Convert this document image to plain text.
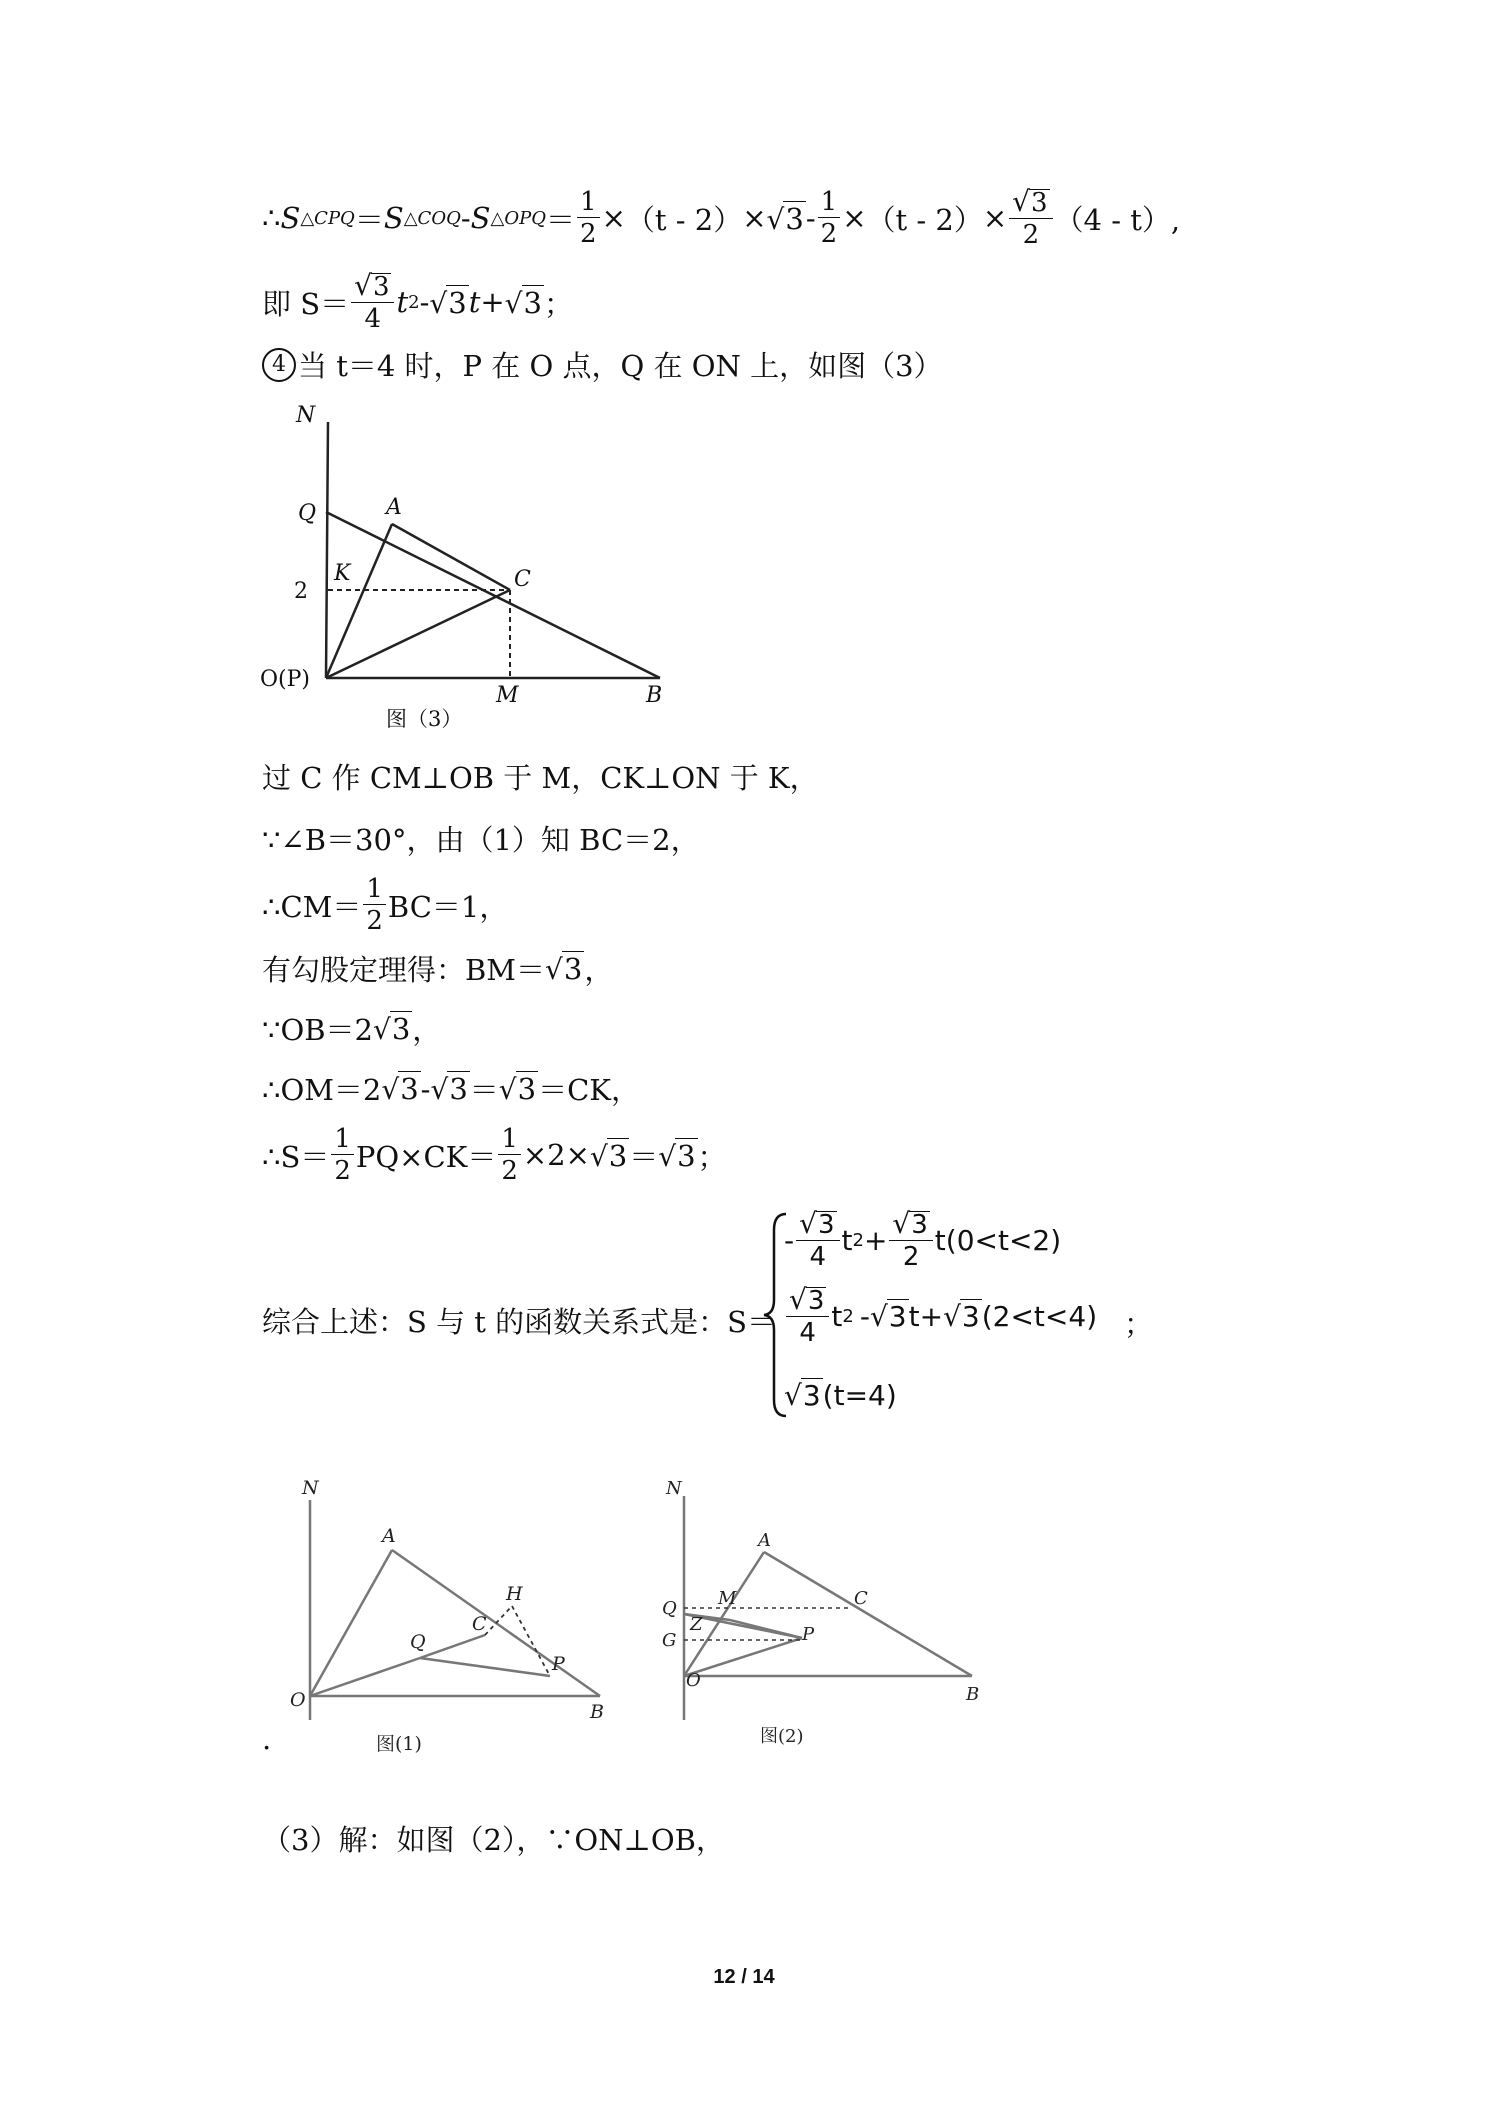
∴ S △CPQ ＝ S △COQ - S △OPQ ＝ $\frac{1}{2} \times (t - 2)$ × √ $3 - \frac{1}{2} \times (t - 2) \times \frac{√ 3}{2} (4 - t)$,
即 $S= \frac{√ 3}{4}$ t 2 - √ 3 t+ √ 3 ；
4 当 t＝4 时，P 在 O 点，Q 在 ON 上，如图（3）
N
Q	A
K	C
M	B
2
O(P)
图（3）
过 C 作 CM⊥OB 于 M，CK⊥ON 于 K，
∵∠B＝30°，由（1）知 BC＝2，
∴CM＝ $\frac{1}{2} BC=1$，
有勾股定理得：BM＝ √ 3 ，
∵OB＝2 √ 3 ，
∴OM＝2 √ 3 - √ 3 ＝ √ 3 ＝CK，
∴S＝ $\frac{1}{2} PQ\times CK= \frac{1}{2} \times 2\times$ √ 3 ＝ √ 3 ；
综合上述：S 与 t 的函数关系式是：S＝
- $\frac{√ 3}{4}$ t $2 + \frac{√ 3}{2} t(0<t<2)$
$\frac{√ 3}{4}$ t 2 - √ 3 t+ √ 3 (2<t<4)
√ 3 (t=4)
；
N
A
H
C
Q
P
O
B
图(1)
N
A
M	C
Q
Z
G	P
O
B
图(2)
.
（3）解：如图（2），∵ON⊥OB，
12 / 14
